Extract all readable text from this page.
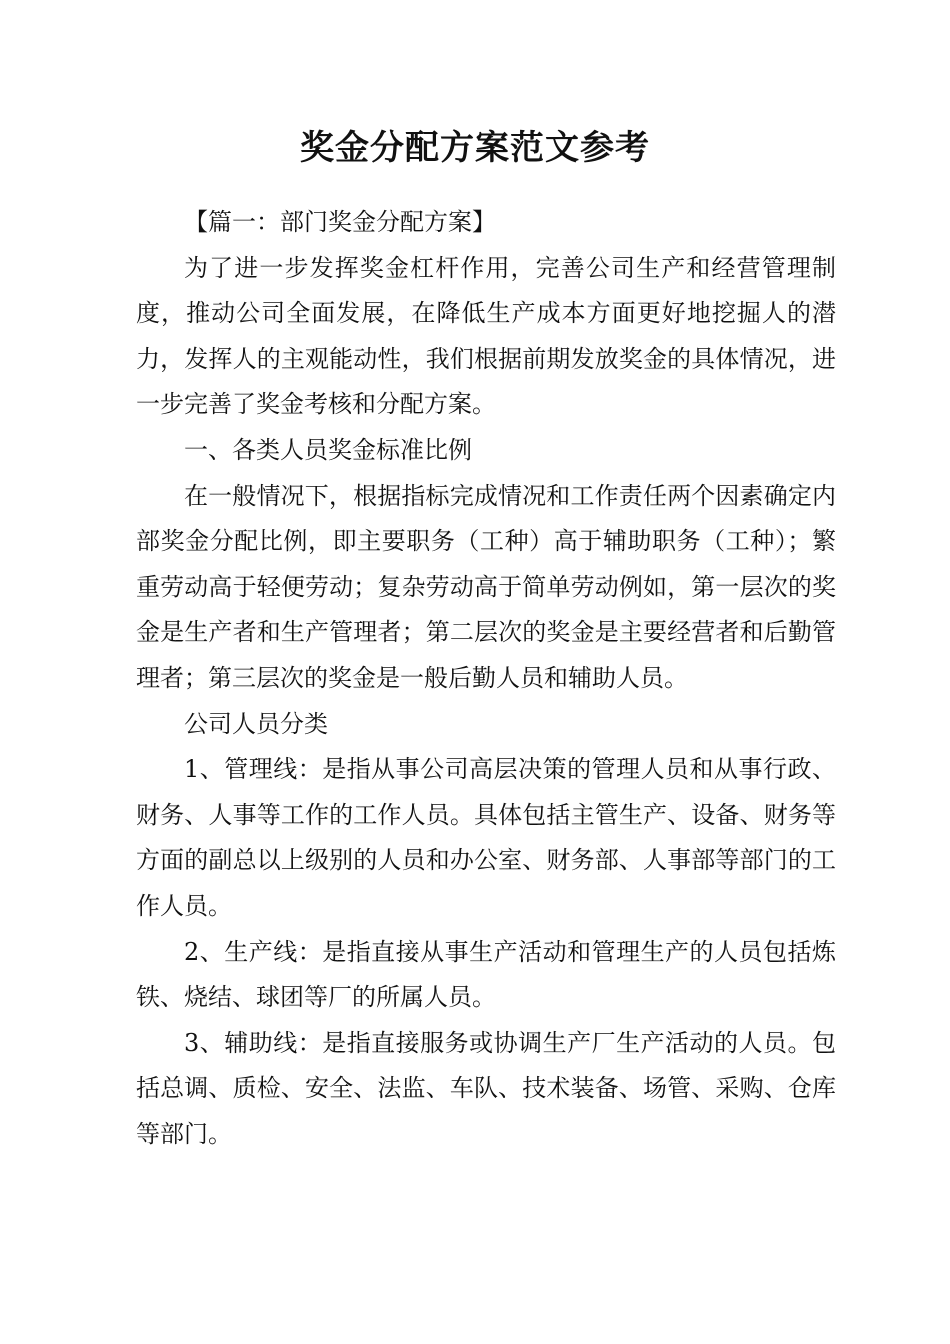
奖金分配方案范文参考

【篇一：部门奖金分配方案】

为了进一步发挥奖金杠杆作用，完善公司生产和经营管理制度，推动公司全面发展，在降低生产成本方面更好地挖掘人的潜力，发挥人的主观能动性，我们根据前期发放奖金的具体情况，进一步完善了奖金考核和分配方案。

一、各类人员奖金标准比例

在一般情况下，根据指标完成情况和工作责任两个因素确定内部奖金分配比例，即主要职务（工种）高于辅助职务（工种）；繁重劳动高于轻便劳动；复杂劳动高于简单劳动例如，第一层次的奖金是生产者和生产管理者；第二层次的奖金是主要经营者和后勤管理者；第三层次的奖金是一般后勤人员和辅助人员。

公司人员分类

1、管理线：是指从事公司高层决策的管理人员和从事行政、财务、人事等工作的工作人员。具体包括主管生产、设备、财务等方面的副总以上级别的人员和办公室、财务部、人事部等部门的工作人员。

2、生产线：是指直接从事生产活动和管理生产的人员包括炼铁、烧结、球团等厂的所属人员。

3、辅助线：是指直接服务或协调生产厂生产活动的人员。包括总调、质检、安全、法监、车队、技术装备、场管、采购、仓库等部门。
